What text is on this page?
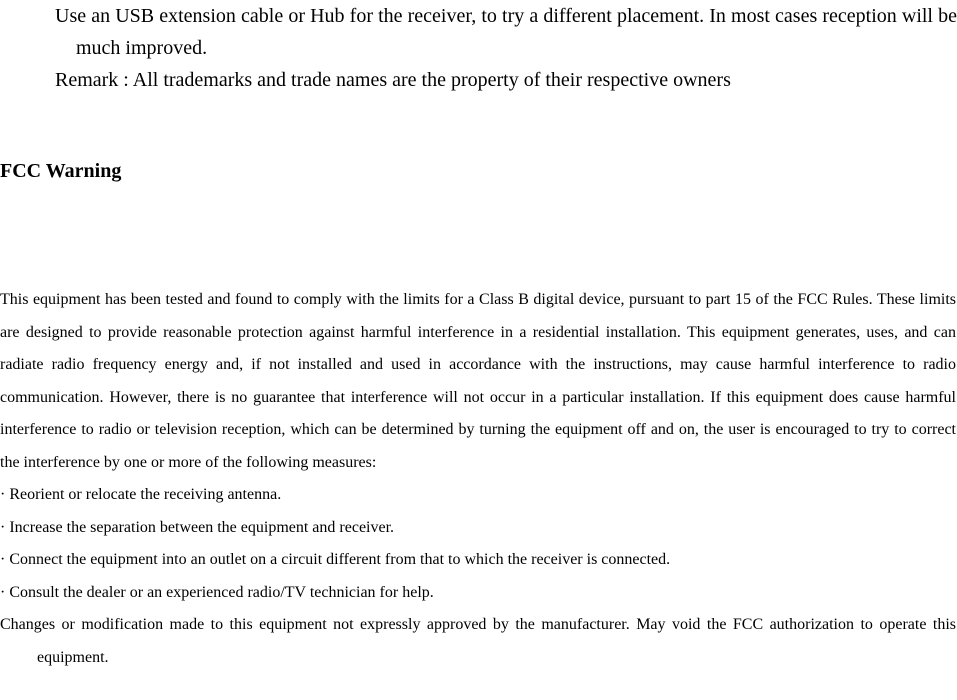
Use an USB extension cable or Hub for the receiver, to try a different placement. In most cases reception will be much improved.

Remark : All trademarks and trade names are the property of their respective owners

FCC Warning

This equipment has been tested and found to comply with the limits for a Class B digital device, pursuant to part 15 of the FCC Rules. These limits are designed to provide reasonable protection against harmful interference in a residential installation. This equipment generates, uses, and can radiate radio frequency energy and, if not installed and used in accordance with the instructions, may cause harmful interference to radio communication. However, there is no guarantee that interference will not occur in a particular installation. If this equipment does cause harmful interference to radio or television reception, which can be determined by turning the equipment off and on, the user is encouraged to try to correct the interference by one or more of the following measures:

· Reorient or relocate the receiving antenna.

· Increase the separation between the equipment and receiver.

· Connect the equipment into an outlet on a circuit different from that to which the receiver is connected.

· Consult the dealer or an experienced radio/TV technician for help.

Changes or modification made to this equipment not expressly approved by the manufacturer. May void the FCC authorization to operate this equipment.
